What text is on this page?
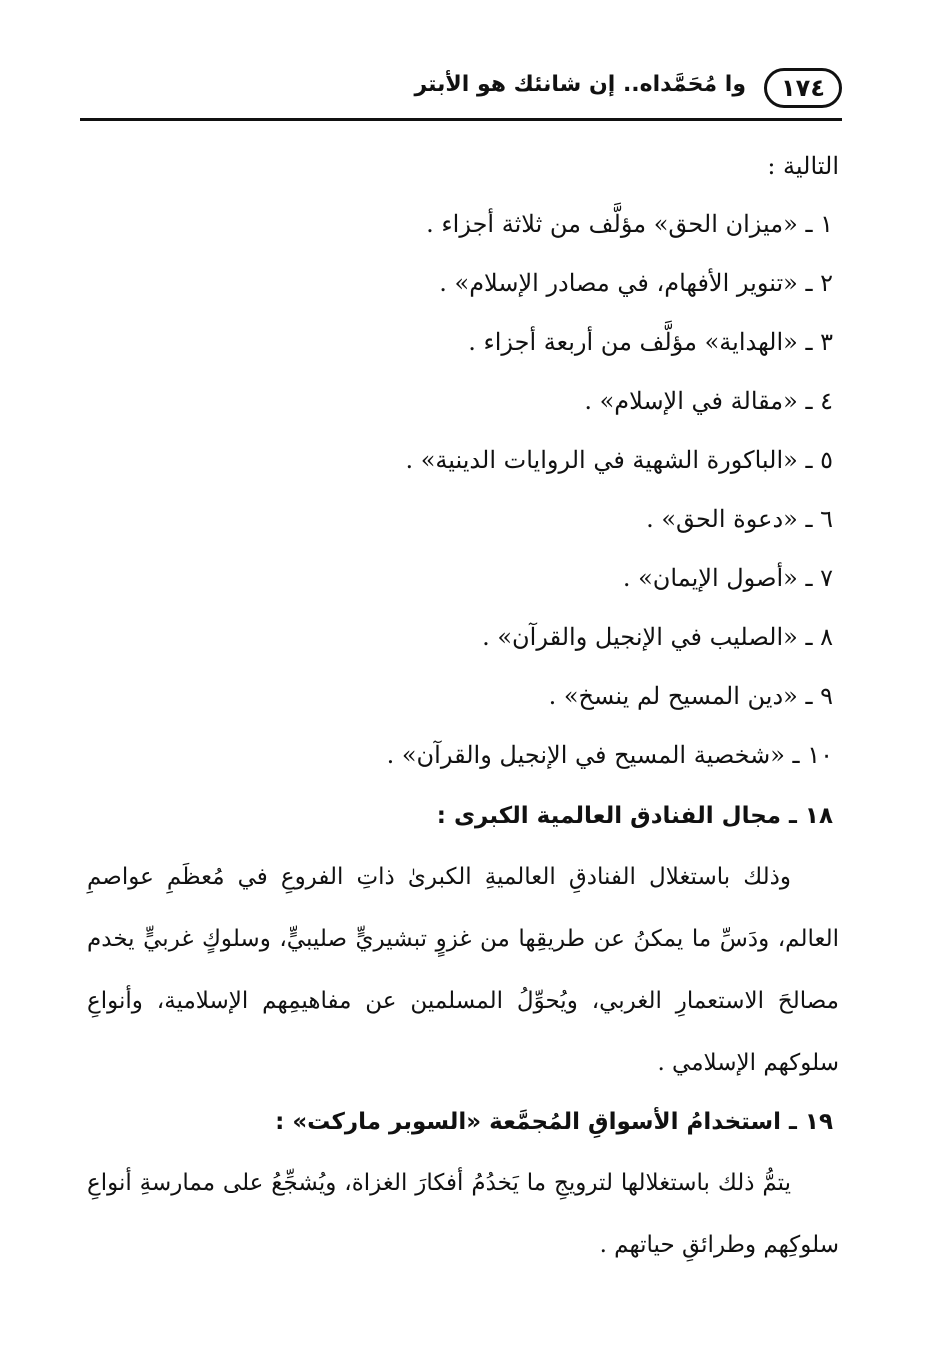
١٧٤
وا مُحَمَّداه.. إن شانئك هو الأبتر

التالية :

١ ـ «ميزان الحق» مؤلَّف من ثلاثة أجزاء .
٢ ـ «تنوير الأفهام، في مصادر الإسلام» .
٣ ـ «الهداية» مؤلَّف من أربعة أجزاء .
٤ ـ «مقالة في الإسلام» .
٥ ـ «الباكورة الشهية في الروايات الدينية» .
٦ ـ «دعوة الحق» .
٧ ـ «أصول الإيمان» .
٨ ـ «الصليب في الإنجيل والقرآن» .
٩ ـ «دين المسيح لم ينسخ» .
١٠ ـ «شخصية المسيح في الإنجيل والقرآن» .
١٨ ـ مجال الفنادق العالمية الكبرى :

وذلك باستغلال الفنادقِ العالميةِ الكبرىٰ ذاتِ الفروعِ في مُعظَمِ عواصمِ العالم، ودَسِّ ما يمكنُ عن طريقِها من غزوٍ تبشيريٍّ صليبيٍّ، وسلوكٍ غربيٍّ يخدم مصالحَ الاستعمارِ الغربي، ويُحوِّلُ المسلمين عن مفاهيمِهم الإسلامية، وأنواعِ سلوكهم الإسلامي .

١٩ ـ استخدامُ الأسواقِ المُجمَّعة «السوبر ماركت» :

يتمُّ ذلك باستغلالها لترويجِ ما يَخدُمُ أفكارَ الغزاة، ويُشجِّعُ على ممارسةِ أنواعِ سلوكِهم وطرائقِ حياتهم .
